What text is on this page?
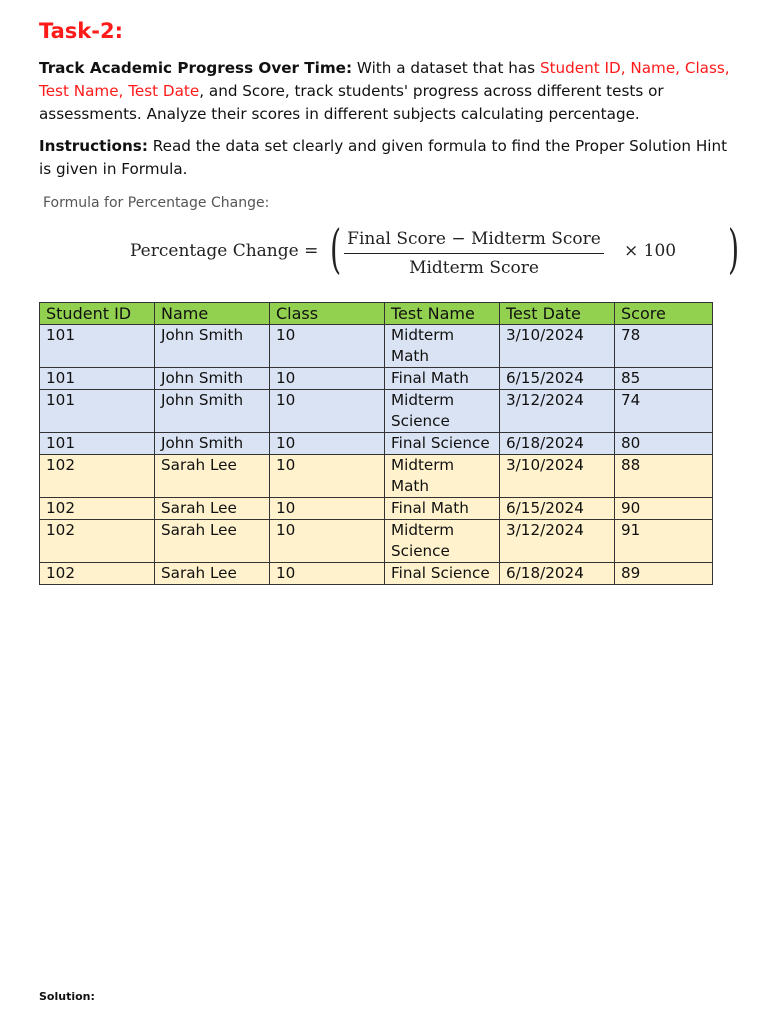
Task-2:

Track Academic Progress Over Time: With a dataset that has Student ID, Name, Class, Test Name, Test Date, and Score, track students' progress across different tests or assessments. Analyze their scores in different subjects calculating percentage.

Instructions: Read the data set clearly and given formula to find the Proper Solution Hint is given in Formula.

Formula for Percentage Change:

Percentage Change = ( Final Score − Midterm Score
Midterm Score	)
× 100
Student ID	Name	Class	Test Name	Test Date	Score
101	John Smith	10	Midterm Math	3/10/2024	78
101	John Smith	10	Final Math	6/15/2024	85
101	John Smith	10	Midterm Science	3/12/2024	74
101	John Smith	10	Final Science	6/18/2024	80
102	Sarah Lee	10	Midterm Math	3/10/2024	88
102	Sarah Lee	10	Final Math	6/15/2024	90
102	Sarah Lee	10	Midterm Science	3/12/2024	91
102	Sarah Lee	10	Final Science	6/18/2024	89

Solution:
